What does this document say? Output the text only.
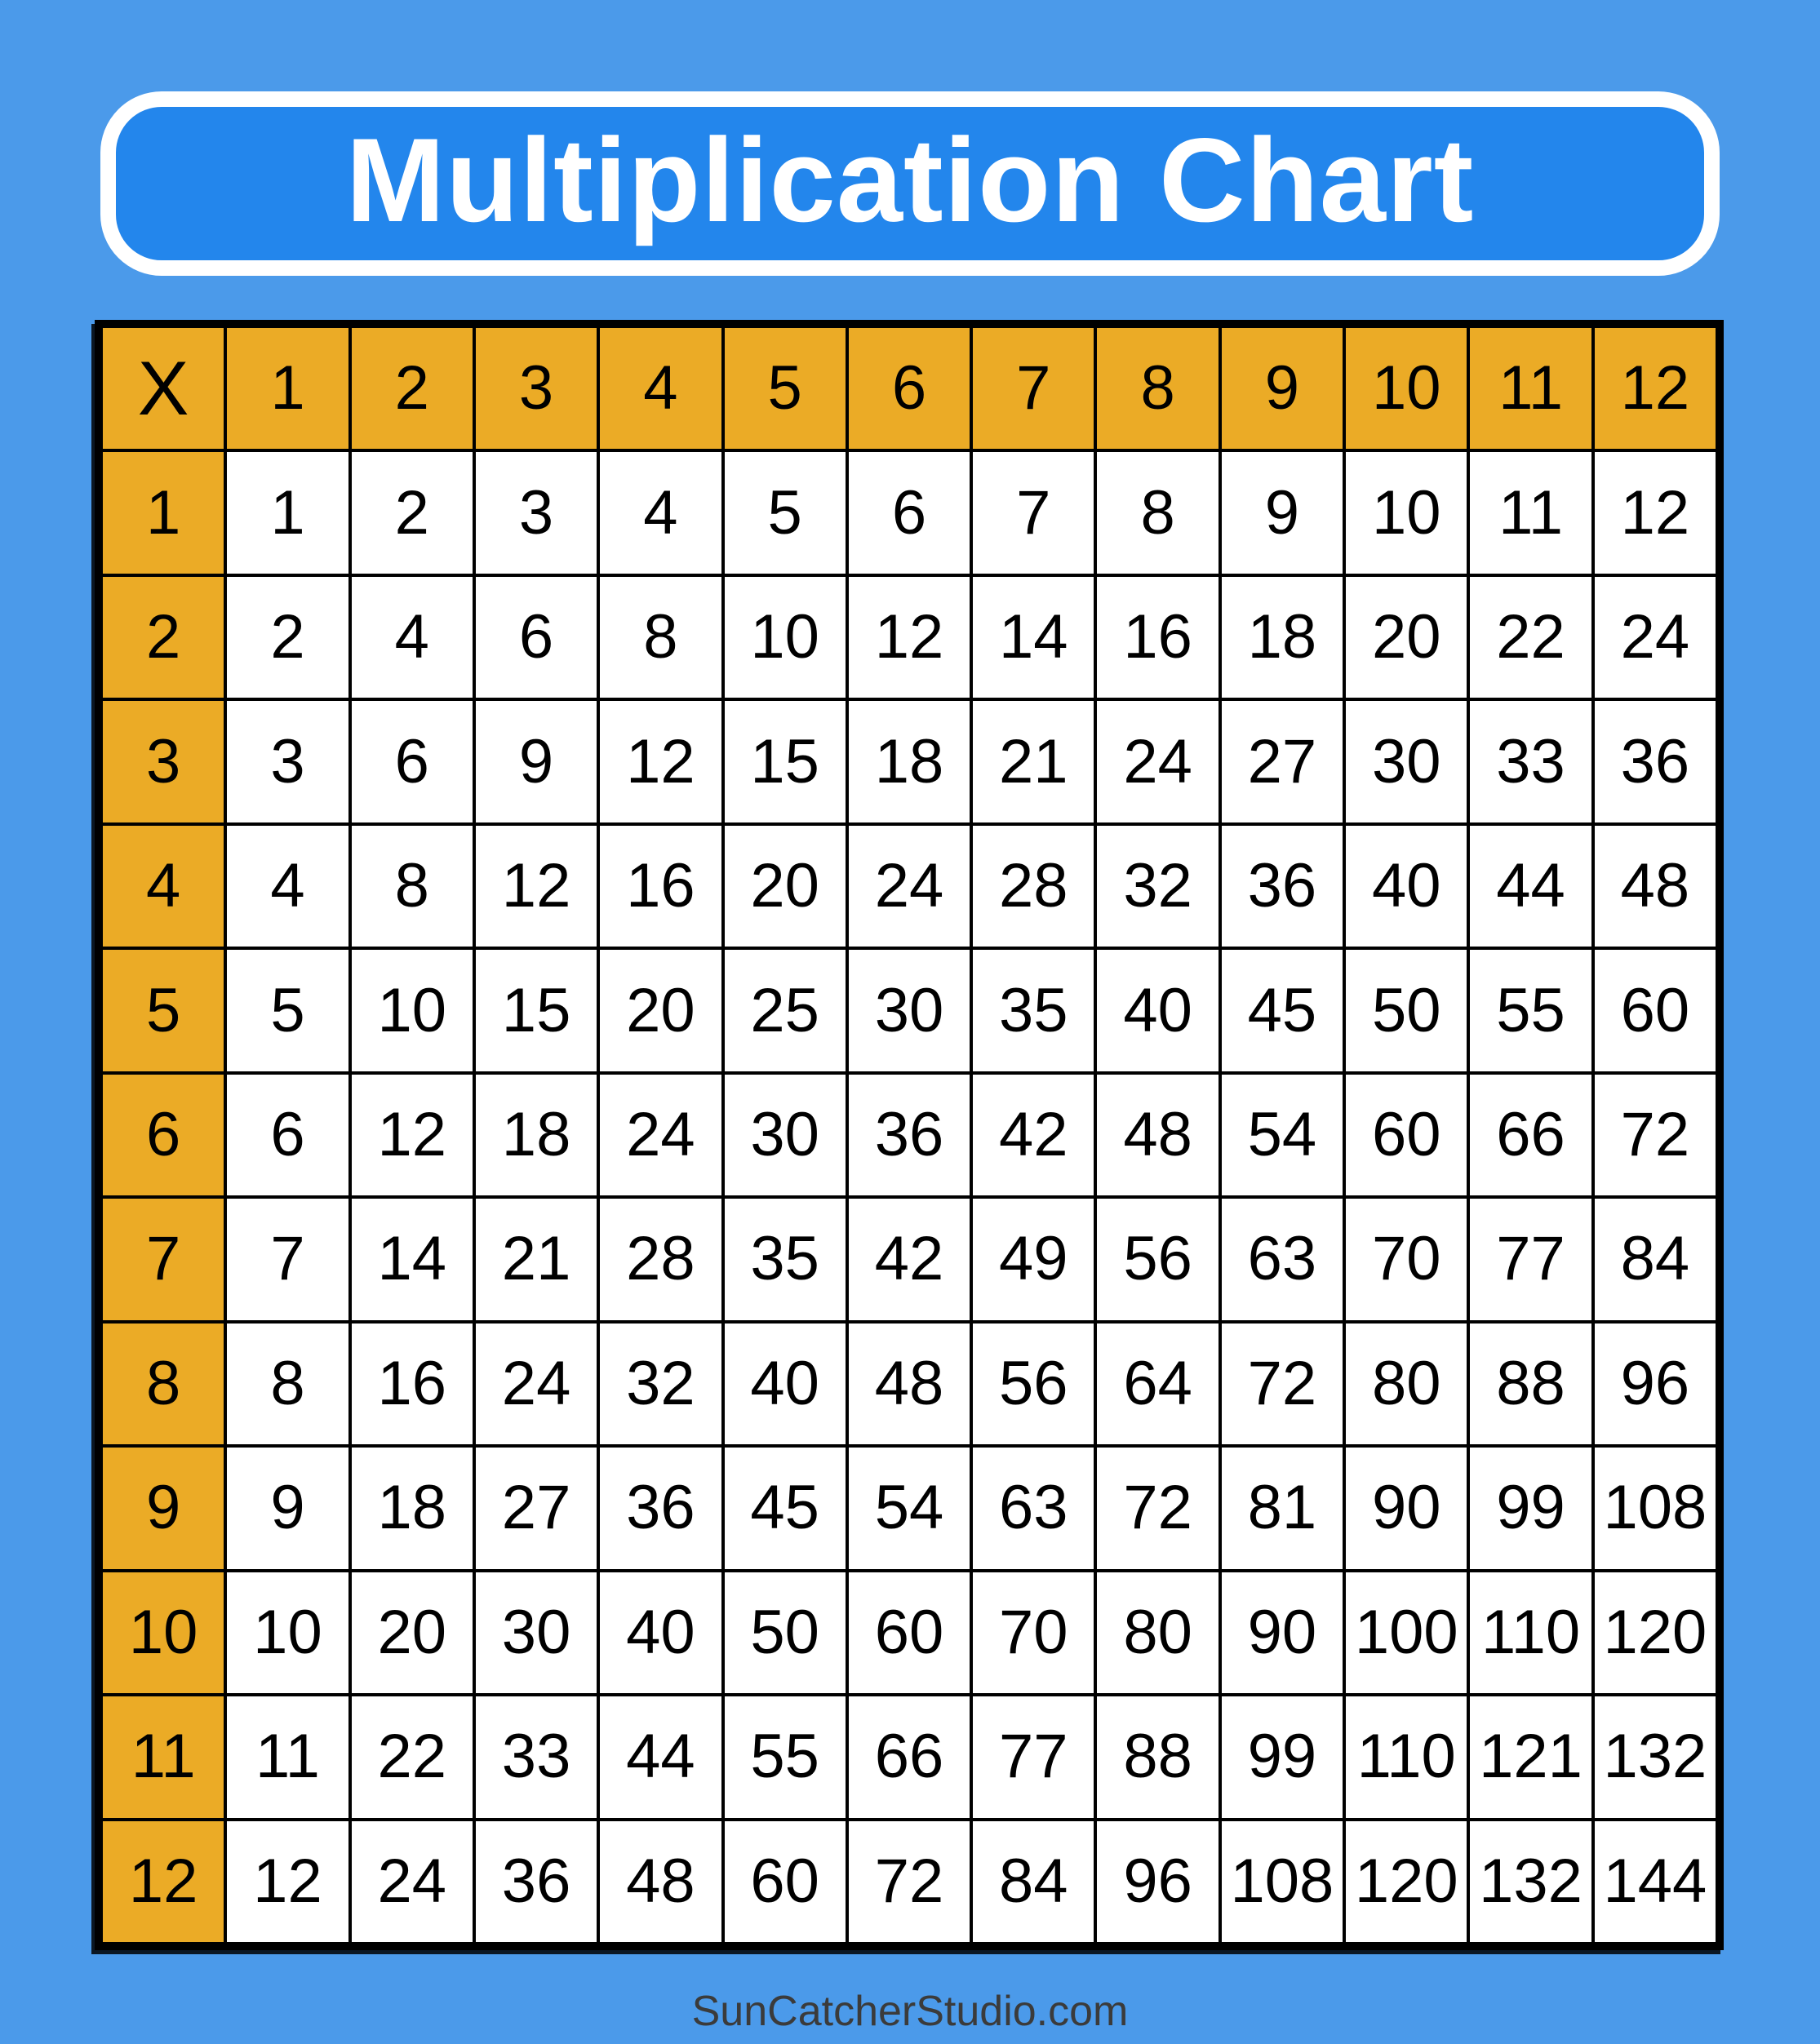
Multiplication Chart
X	1	2	3	4	5	6	7	8	9	10 11 12
1	1	2	3	4	5	6	7	8	9	10 11 12
2	2	4	6	8	10 12 14 16 18 20 22 24
3	3	6	9	12 15 18 21 24 27 30 33 36
4	4	8	12 16 20 24 28 32 36 40 44 48
5	5	10 15 20 25 30 35 40 45 50 55 60
6	6	12 18 24 30 36 42 48 54 60 66 72
7	7	14 21 28 35 42 49 56 63 70 77 84
8	8	16 24 32 40 48 56 64 72 80 88 96
9	9	18 27 36 45 54 63 72 81 90 99 108
10 10 20 30 40 50 60 70 80 90 100 110 120
11 11 22 33 44 55 66 77 88 99 110 121 132
12 12 24 36 48 60 72 84 96 108 120 132 144
SunCatcherStudio.com
